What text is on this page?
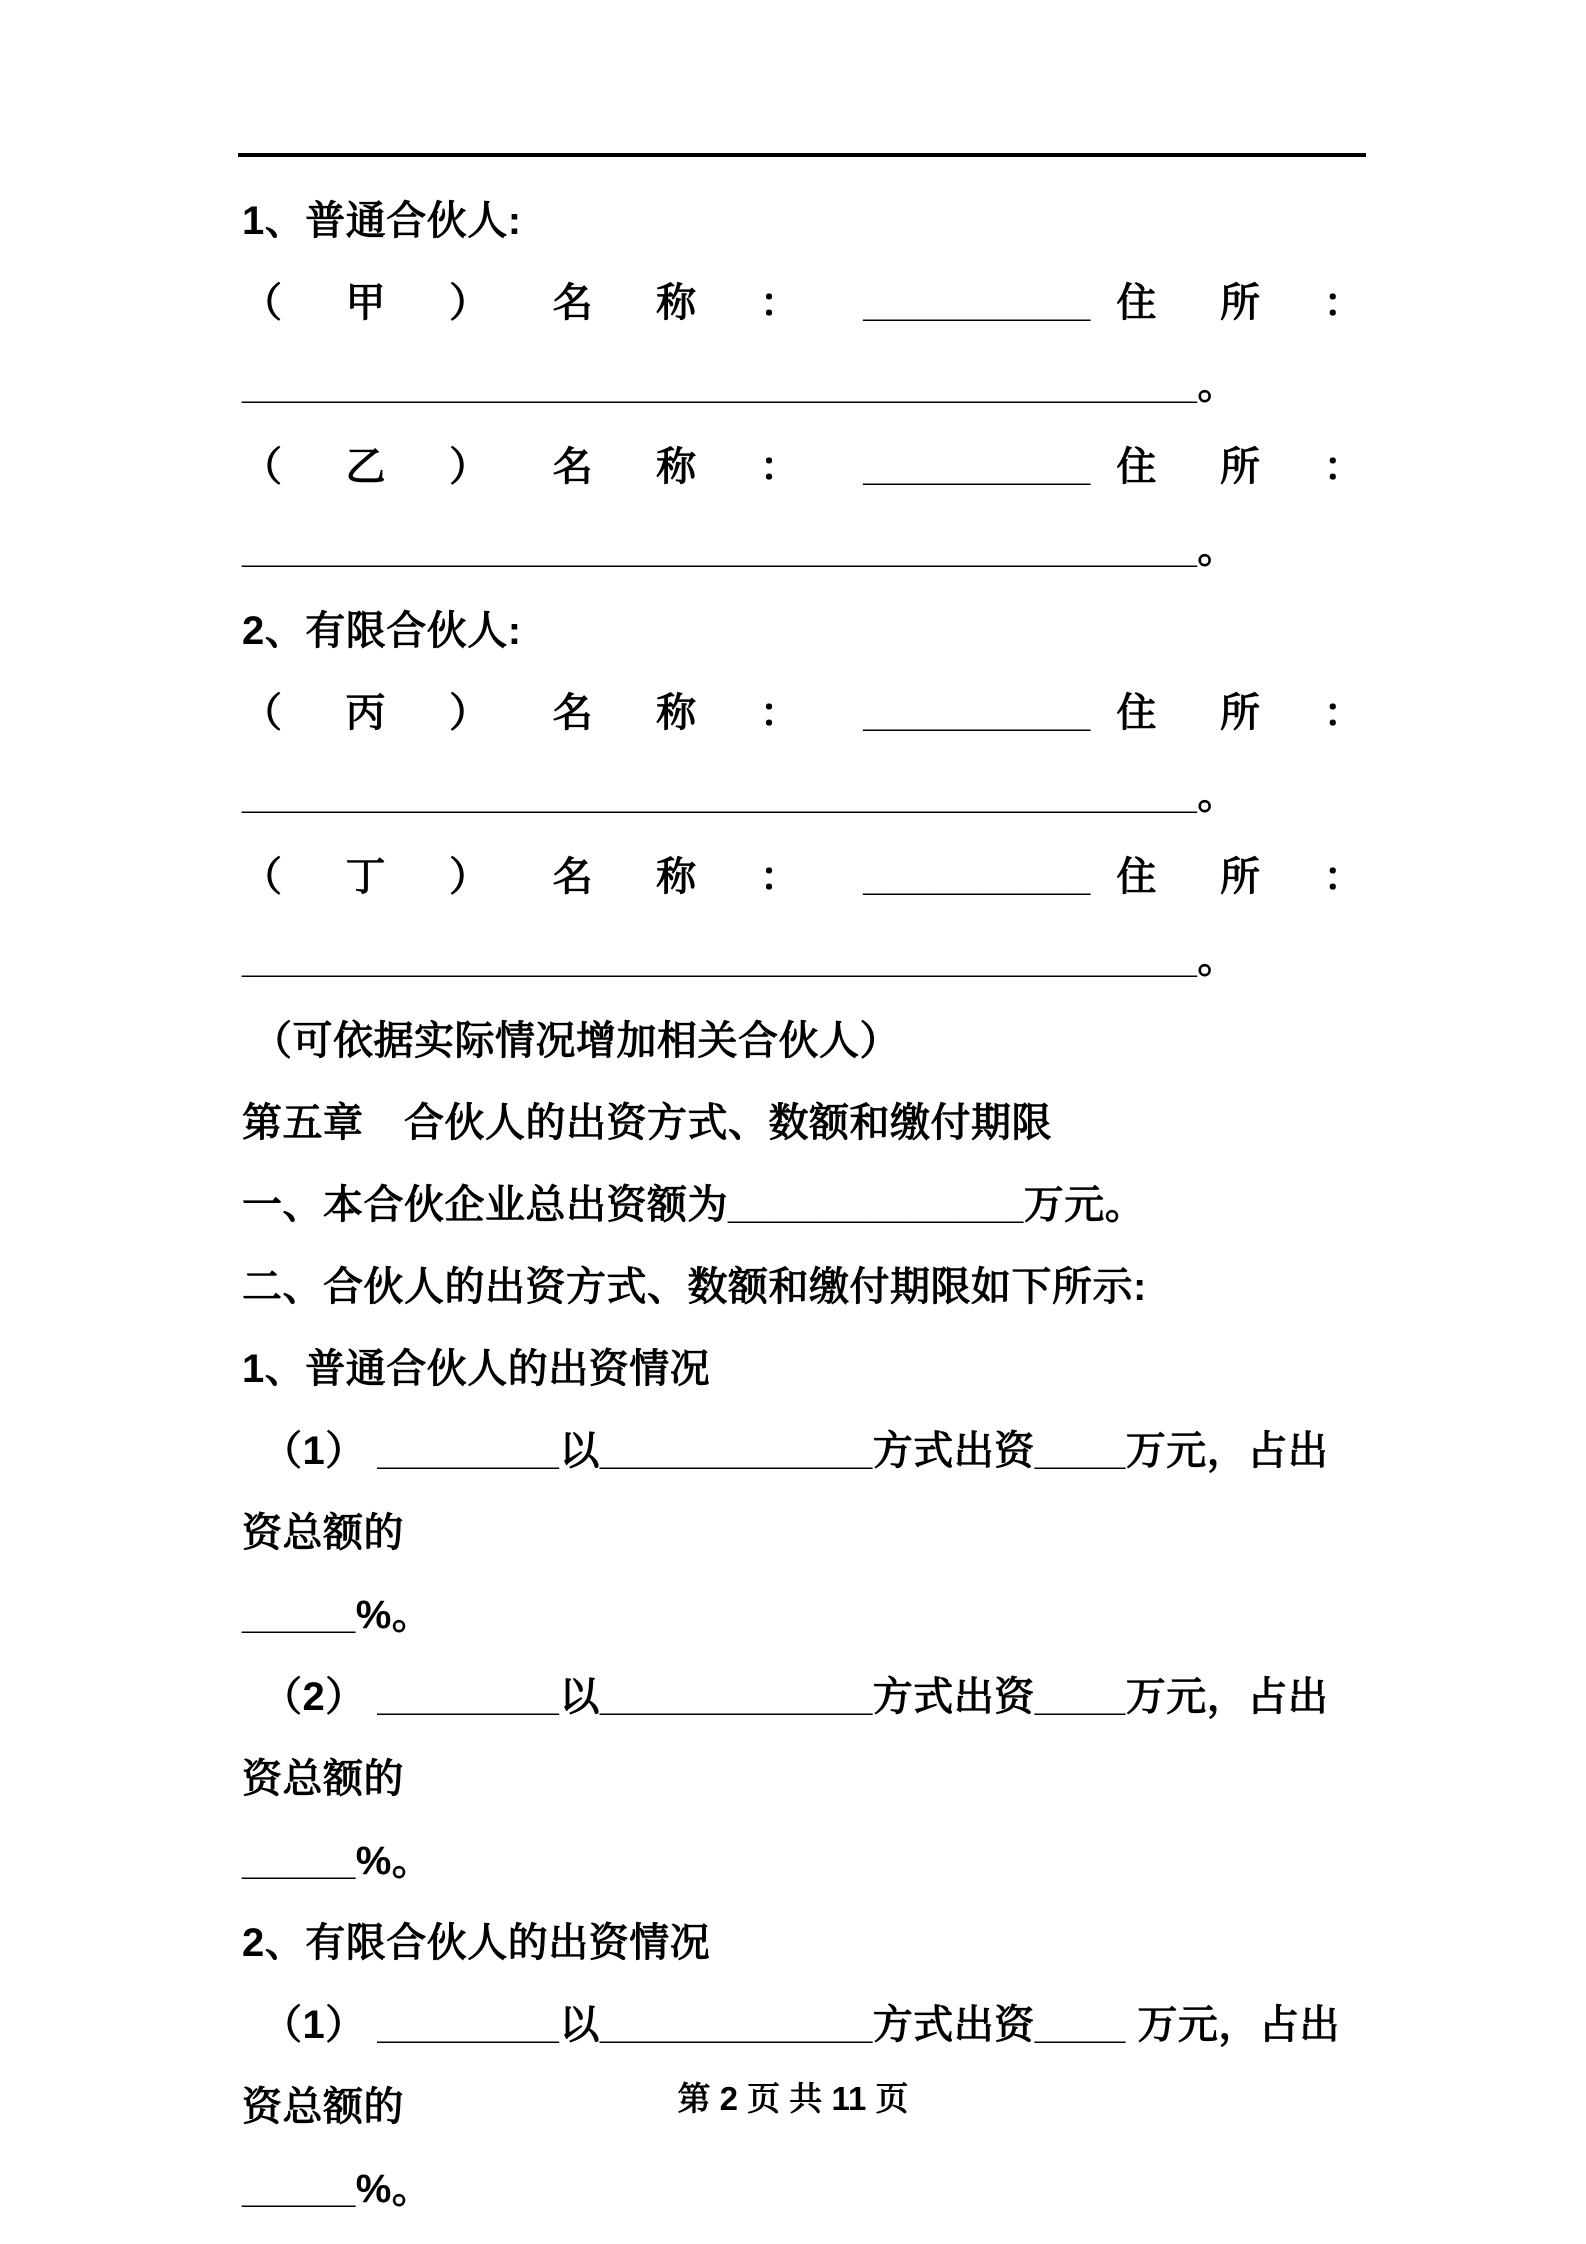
1、普通合伙人:

（ 甲 ） 名 称 ： __________住 所 ：

__________________________________________。

（ 乙 ） 名 称 ： __________住 所 ：

__________________________________________。

2、有限合伙人:

（ 丙 ） 名 称 ： __________住 所 ：

__________________________________________。

（ 丁 ） 名 称 ： __________住 所 ：

__________________________________________。

（可依据实际情况增加相关合伙人）

第五章　合伙人的出资方式、数额和缴付期限

一、本合伙企业总出资额为_____________万元。

二、合伙人的出资方式、数额和缴付期限如下所示:

1、普通合伙人的出资情况

（1） ________以____________方式出资____万元，占出资总额的

_____%。

（2） ________以____________方式出资____万元，占出资总额的

_____%。

2、有限合伙人的出资情况

（1） ________以____________方式出资____ 万元，占出资总额的

_____%。

第 2 页 共 11 页
